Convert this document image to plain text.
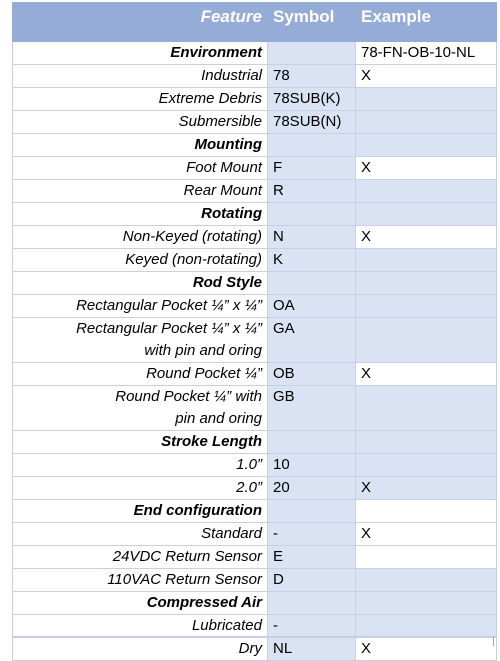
Feature	Symbol	Example

Environment		78-FN-OB-10-NL

Industrial	78	X

Extreme Debris	78SUB(K)	

Submersible	78SUB(N)	

Mounting		

Foot Mount	F	X

Rear Mount	R	

Rotating		

Non-Keyed (rotating)	N	X

Keyed (non-rotating)	K	

Rod Style		

Rectangular Pocket ¼” x ¼”	OA	

Rectangular Pocket ¼” x ¼”
with pin and oring	GA	

Round Pocket ¼”	OB	X

Round Pocket ¼” with
pin and oring	GB	

Stroke Length		

1.0”	10	

2.0”	20	X

End configuration		

Standard	-	X

24VDC Return Sensor	E	

110VAC Return Sensor	D	

Compressed Air		

Lubricated	-	

Dry	NL	X
